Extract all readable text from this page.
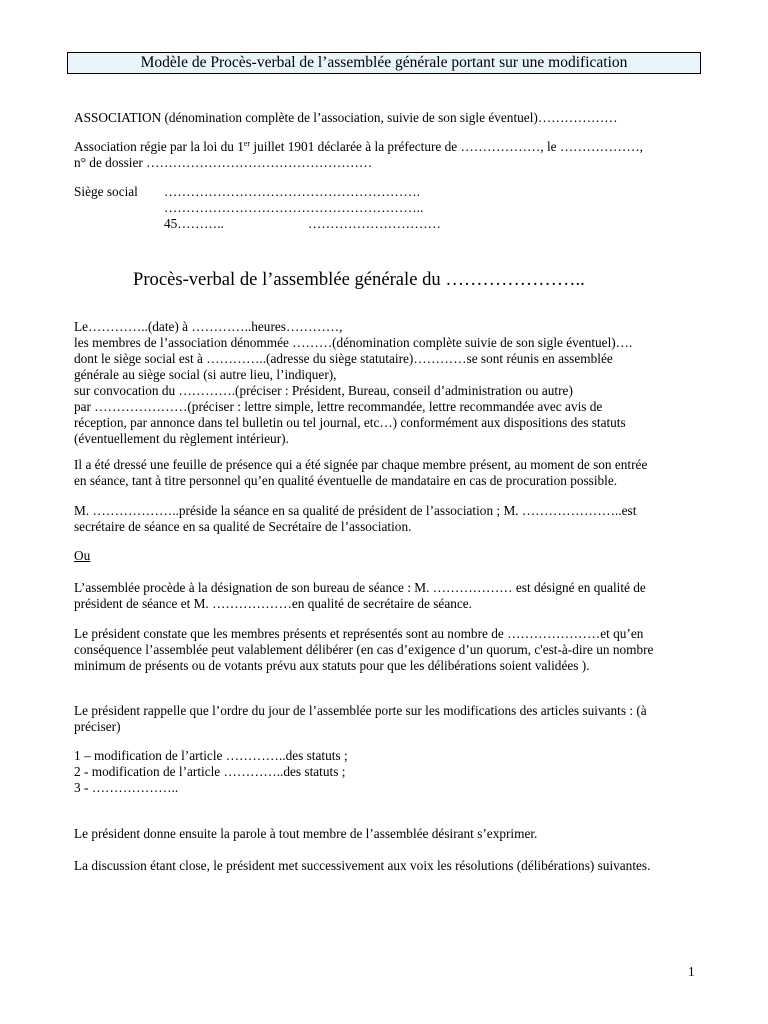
Modèle de Procès-verbal de l’assemblée générale portant sur une modification
ASSOCIATION (dénomination complète de l’association, suivie de son sigle éventuel)………………
Association régie par la loi du 1er juillet 1901 déclarée à la préfecture de ………………, le ………………,
n° de dossier ……………………………………………
Siège social ………………………………………………….
…………………………………………………..
45………..	…………………………
Procès-verbal de l’assemblée générale du …………………..
Le…………..(date) à …………..heures…………,
les membres de l’association dénommée ………(dénomination complète suivie de son sigle éventuel)….
dont le siège social est à …………..(adresse du siège statutaire)…………se sont réunis en assemblée
générale au siège social (si autre lieu, l’indiquer),
sur convocation du ………….(préciser : Président, Bureau, conseil d’administration ou autre)
par …………………(préciser : lettre simple, lettre recommandée, lettre recommandée avec avis de
réception, par annonce dans tel bulletin ou tel journal, etc…) conformément aux dispositions des statuts
(éventuellement du règlement intérieur).
Il a été dressé une feuille de présence qui a été signée par chaque membre présent, au moment de son entrée
en séance, tant à titre personnel qu’en qualité éventuelle de mandataire en cas de procuration possible.
M. ………………..préside la séance en sa qualité de président de l’association ; M. …………………..est
secrétaire de séance en sa qualité de Secrétaire de l’association.
Ou
L’assemblée procède à la désignation de son bureau de séance : M. ……………… est désigné en qualité de
président de séance et M. ………………en qualité de secrétaire de séance.
Le président constate que les membres présents et représentés sont au nombre de …………………et qu’en
conséquence l’assemblée peut valablement délibérer (en cas d’exigence d’un quorum, c'est-à-dire un nombre
minimum de présents ou de votants prévu aux statuts pour que les délibérations soient validées ).
Le président rappelle que l’ordre du jour de l’assemblée porte sur les modifications des articles suivants : (à
préciser)
1 – modification de l’article …………..des statuts ;
2 - modification de l’article …………..des statuts ;
3 - ………………..
Le président donne ensuite la parole à tout membre de l’assemblée désirant s’exprimer.
La discussion étant close, le président met successivement aux voix les résolutions (délibérations) suivantes.
1
